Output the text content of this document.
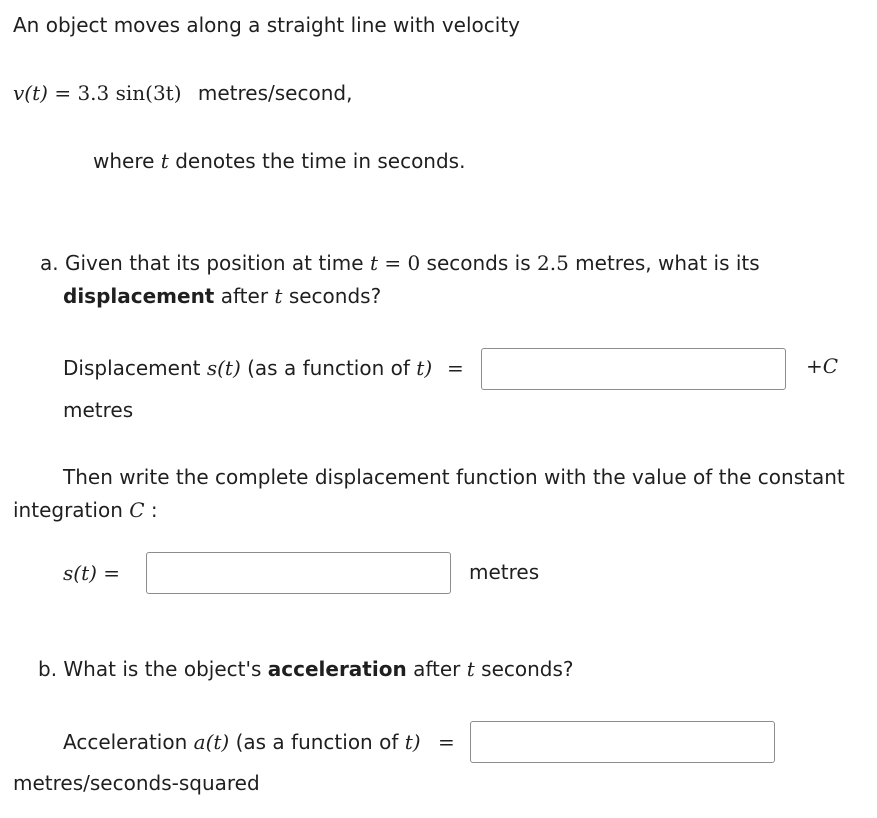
An object moves along a straight line with velocity
v(t) = 3.3 sin(3t) metres/second,
where t denotes the time in seconds.
a. Given that its position at time t = 0 seconds is 2.5 metres, what is its
displacement after t seconds?
Displacement s(t) (as a function of t) =	+C
metres
Then write the complete displacement function with the value of the constant
integration C :
s(t) =	metres
b. What is the object's acceleration after t seconds?
Acceleration a(t) (as a function of t) =
metres/seconds-squared
